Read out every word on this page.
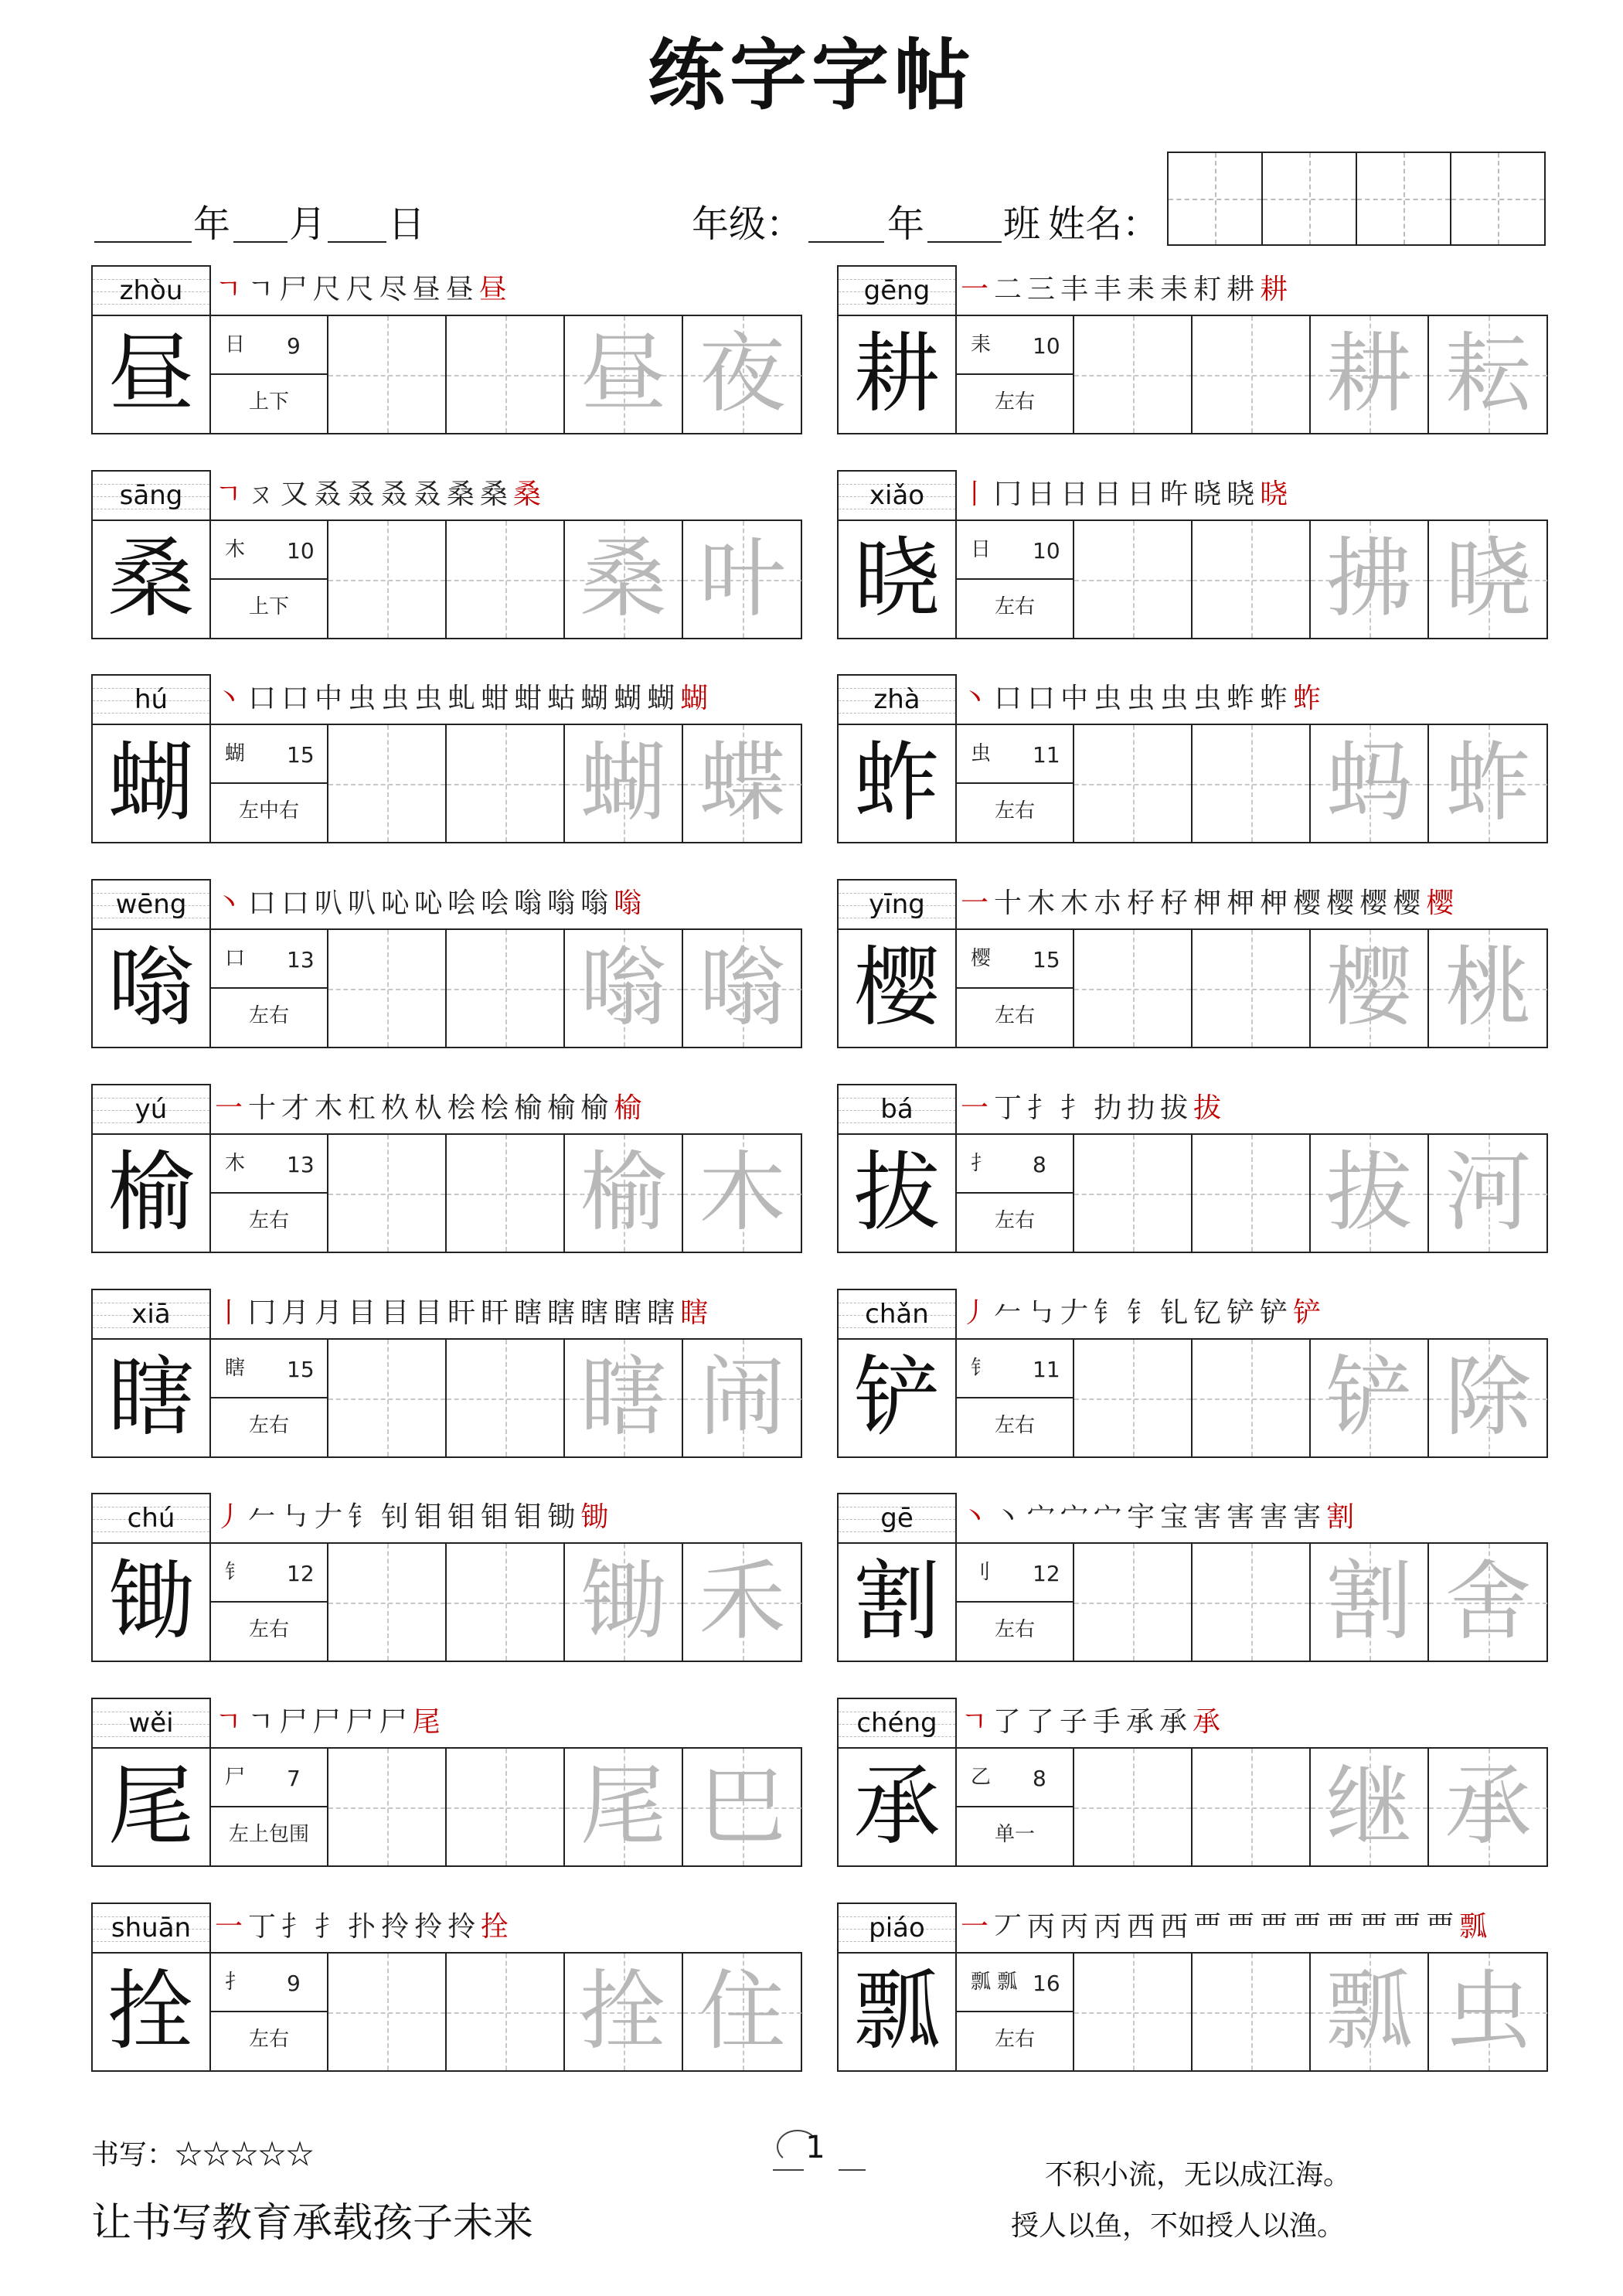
练字字帖
年 月 日	年级： 年 班 姓名：
zhòu	ㄱ ㄱ 尸 尺 尺 尽 昼 昼 昼
昼	日 9
上下	昼 夜
gēng	一 二 三 丰 丰 耒 耒 耓 耕 耕
耕	耒 10
左右	耕 耘
sāng	ㄱ ㄡ 又 叒 叒 叒 叒 桑 桑 桑
桑	木 10
上下	桑 叶
xiǎo	丨 冂 日 日 日 日 旿 晓 晓 晓
晓	日 10
左右	拂 晓
hú	丶 口 口 中 虫 虫 虫 虬 蚶 蚶 蛄 蝴 蝴 蝴 蝴
蝴	蝴 15
左中右	蝴 蝶
zhà	丶 口 口 中 虫 虫 虫 虫 蚱 蚱 蚱
蚱	虫 11
左右	蚂 蚱
wēng	丶 口 口 叭 叭 吣 吣 哙 哙 嗡 嗡 嗡 嗡
嗡	口 13
左右	嗡 嗡
yīng	一 十 木 木 朩 杍 杍 柙 柙 柙 樱 樱 樱 樱 樱
樱	樱 15
左右	樱 桃
yú	一 十 才 木 杠 杦 朲 桧 桧 榆 榆 榆 榆
榆	木 13
左右	榆 木
bá	一 丁 扌 扌 扐 扐 拔 拔
拔	扌 8
左右	拔 河
xiā	丨 冂 月 月 目 目 目 盰 盰 瞎 瞎 瞎 瞎 瞎 瞎
瞎	瞎 15
左右	瞎 闹
chǎn	丿 𠂉 ㇉ 𠂇 钅 钅 钆 钇 铲 铲 铲
铲	钅 11
左右	铲 除
chú	丿 𠂉 ㇉ 𠂇 钅 钊 钼 钼 钼 钼 锄 锄
锄	钅 12
左右	锄 禾
gē	丶 丶 宀 宀 宀 宇 宝 害 害 害 害 割
割	刂 12
左右	割 舍
wěi	ㄱ ㄱ 尸 尸 尸 尸 尾
尾	尸 7
左上包围	尾 巴
chéng ㄱ 了 了 子 手 承 承 承
承	乙 8
单一	继 承
shuān 一 丁 扌 扌 扑 拎 拎 拎 拴
拴	扌 9
左右	拴 住
piáo	一 丆 丙 丙 丙 西 西 覀 覀 覀 覀 覀 覀 覀 覀 瓢
瓢	瓢 瓢 16
左右	瓢 虫
书写：☆☆☆☆☆
让书写教育承载孩子未来
1
不积小流，无以成江海。
授人以鱼，不如授人以渔。
